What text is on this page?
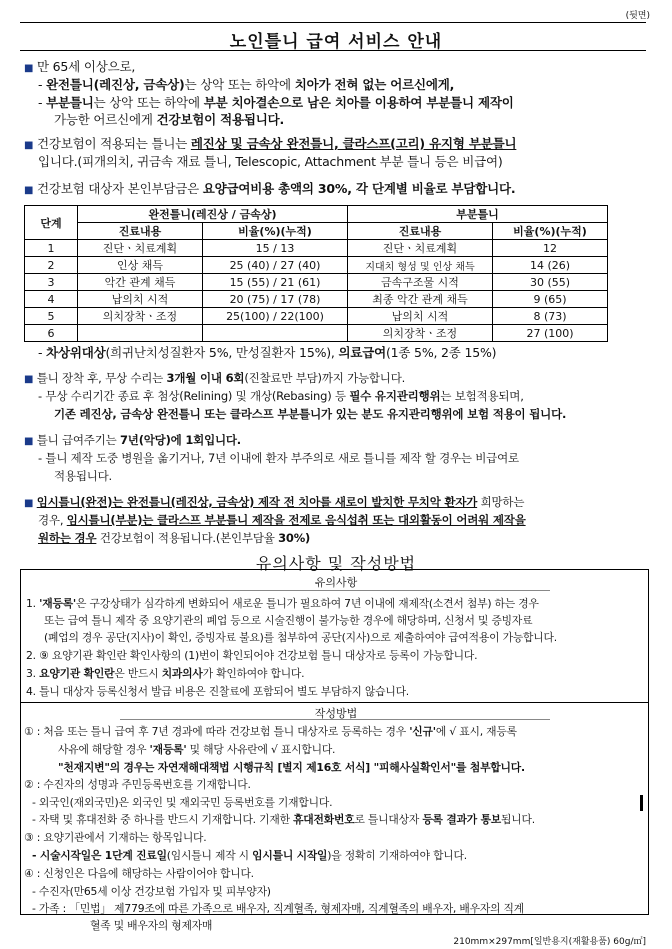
(뒷면)
노인틀니 급여 서비스 안내
■ 만 65세 이상으로,
- 완전틀니(레진상, 금속상)는 상악 또는 하악에 치아가 전혀 없는 어르신에게,
- 부분틀니는 상악 또는 하악에 부분 치아결손으로 남은 치아를 이용하여 부분틀니 제작이
가능한 어르신에게 건강보험이 적용됩니다.
■ 건강보험이 적용되는 틀니는 레진상 및 금속상 완전틀니, 클라스프(고리) 유지형 부분틀니
입니다.(피개의치, 귀금속 재료 틀니, Telescopic, Attachment 부분 틀니 등은 비급여)
■ 건강보험 대상자 본인부담금은 요양급여비용 총액의 30%, 각 단계별 비율로 부담합니다.
단계	완전틀니(레진상 / 금속상)		부분틀니	
	진료내용	비율(%)(누적)	진료내용	비율(%)(누적)
1	진단ㆍ치료계획	15 / 13	진단ㆍ치료계획	12
2	인상 채득	25 (40) / 27 (40)	지대치 형성 및 인상 채득	14 (26)
3	악간 관계 채득	15 (55) / 21 (61)	금속구조물 시적	30 (55)
4	납의치 시적	20 (75) / 17 (78)	최종 악간 관계 채득	9 (65)
5	의치장착ㆍ조정	25(100) / 22(100)	납의치 시적	8 (73)
6			의치장착ㆍ조정	27 (100)
- 차상위대상(희귀난치성질환자 5%, 만성질환자 15%), 의료급여(1종 5%, 2종 15%)
■ 틀니 장착 후, 무상 수리는 3개월 이내 6회(진찰료만 부담)까지 가능합니다.
- 무상 수리기간 종료 후 첨상(Relining) 및 개상(Rebasing) 등 필수 유지관리행위는 보험적용되며,
기존 레진상, 금속상 완전틀니 또는 클라스프 부분틀니가 있는 분도 유지관리행위에 보험 적용이 됩니다.
■ 틀니 급여주기는 7년(악당)에 1회입니다.
- 틀니 제작 도중 병원을 옮기거나, 7년 이내에 환자 부주의로 새로 틀니를 제작 할 경우는 비급여로
적용됩니다.
■ 임시틀니(완전)는 완전틀니(레진상, 금속상) 제작 전 치아를 새로이 발치한 무치악 환자가 희망하는
경우, 임시틀니(부분)는 클라스프 부분틀니 제작을 전제로 음식섭취 또는 대외활동이 어려워 제작을
원하는 경우 건강보험이 적용됩니다.(본인부담율 30%)
유의사항 및 작성방법
유의사항
1. '재등록'은 구강상태가 심각하게 변화되어 새로운 틀니가 필요하여 7년 이내에 재제작(소견서 첨부) 하는 경우
또는 급여 틀니 제작 중 요양기관의 폐업 등으로 시술진행이 불가능한 경우에 해당하며, 신청서 및 증빙자료
(폐업의 경우 공단(지사)이 확인, 증빙자료 불요)를 첨부하여 공단(지사)으로 제출하여야 급여적용이 가능합니다.
2. ⑨ 요양기관 확인란 확인사항의 (1)번이 확인되어야 건강보험 틀니 대상자로 등록이 가능합니다.
3. 요양기관 확인란은 반드시 치과의사가 확인하여야 합니다.
4. 틀니 대상자 등록신청서 발급 비용은 진찰료에 포함되어 별도 부담하지 않습니다.
작성방법
① : 처음 또는 틀니 급여 후 7년 경과에 따라 건강보험 틀니 대상자로 등록하는 경우 '신규'에 √ 표시, 재등록
사유에 해당할 경우 '재등록' 및 해당 사유란에 √ 표시합니다.
"천재지변"의 경우는 자연재해대책법 시행규칙 [별지 제16호 서식] "피해사실확인서"를 첨부합니다.
② : 수진자의 성명과 주민등록번호를 기재합니다.
- 외국인(재외국민)은 외국인 및 재외국민 등록번호를 기재합니다.
- 자택 및 휴대전화 중 하나를 반드시 기재합니다. 기재한 휴대전화번호로 틀니대상자 등록 결과가 통보됩니다.
③ : 요양기관에서 기재하는 항목입니다.
- 시술시작일은 1단계 진료일(임시틀니 제작 시 임시틀니 시작일)을 정확히 기재하여야 합니다.
④ : 신청인은 다음에 해당하는 사람이어야 합니다.
- 수진자(만65세 이상 건강보험 가입자 및 피부양자)
- 가족 : 「민법」 제779조에 따른 가족으로 배우자, 직계혈족, 형제자매, 직계혈족의 배우자, 배우자의 직계
혈족 및 배우자의 형제자매
210mm×297mm[일반용지(재활용품) 60g/㎡]
